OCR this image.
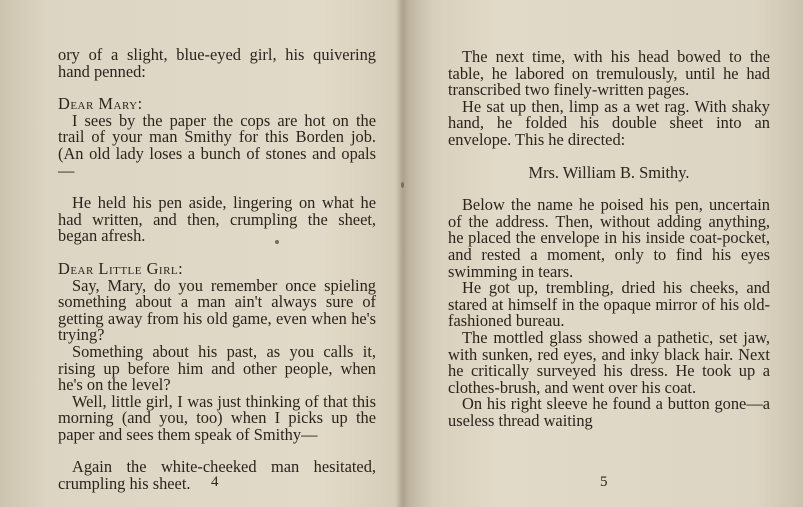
ory of a slight, blue-eyed girl, his quivering hand penned:

Dear Mary:

I sees by the paper the cops are hot on the trail of your man Smithy for this Borden job. (An old lady loses a bunch of stones and opals—

He held his pen aside, lingering on what he had written, and then, crumpling the sheet, began afresh.

Dear Little Girl:

Say, Mary, do you remember once spieling something about a man ain't always sure of getting away from his old game, even when he's trying?

Something about his past, as you calls it, rising up before him and other people, when he's on the level?

Well, little girl, I was just thinking of that this morning (and you, too) when I picks up the paper and sees them speak of Smithy—

Again the white-cheeked man hesitated, crumpling his sheet.	4

The next time, with his head bowed to the table, he labored on tremulously, until he had transcribed two finely-written pages.

He sat up then, limp as a wet rag. With shaky hand, he folded his double sheet into an envelope. This he directed:

Mrs. William B. Smithy.

Below the name he poised his pen, uncertain of the address. Then, without adding anything, he placed the envelope in his inside coat-pocket, and rested a moment, only to find his eyes swimming in tears.

He got up, trembling, dried his cheeks, and stared at himself in the opaque mirror of his old-fashioned bureau.

The mottled glass showed a pathetic, set jaw, with sunken, red eyes, and inky black hair. Next he critically surveyed his dress. He took up a clothes-brush, and went over his coat.

On his right sleeve he found a button gone—a useless thread waiting

5
